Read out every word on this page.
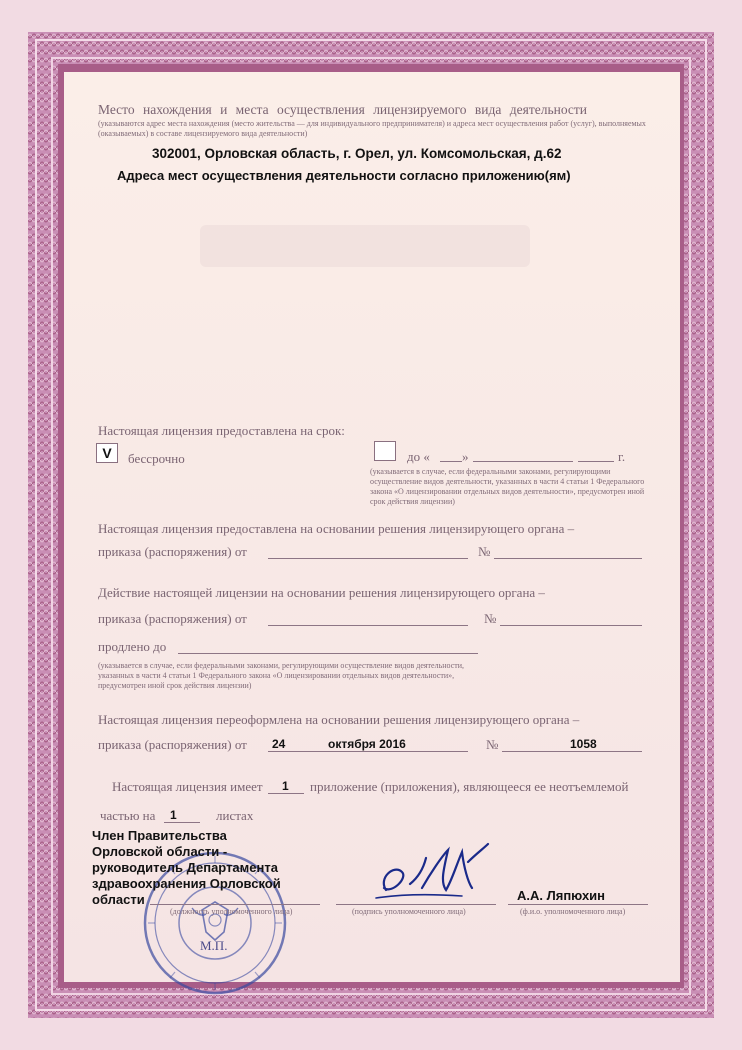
Место нахождения и места осуществления лицензируемого вида деятельности
(указываются адрес места нахождения (место жительства — для индивидуального предпринимателя) и адреса мест осуществления работ (услуг), выполняемых (оказываемых) в составе лицензируемого вида деятельности)
302001, Орловская область, г. Орел, ул. Комсомольская, д.62
Адреса мест осуществления деятельности согласно приложению(ям)
Настоящая лицензия предоставлена на срок:
V	бессрочно	до « »	г.
(указывается в случае, если федеральными законами, регулирующими осуществление видов деятельности, указанных в части 4 статьи 1 Федерального закона «О лицензировании отдельных видов деятельности», предусмотрен иной срок действия лицензии)
Настоящая лицензия предоставлена на основании решения лицензирующего органа –
приказа (распоряжения) от	№
Действие настоящей лицензии на основании решения лицензирующего органа –
приказа (распоряжения) от	№
продлено до
(указывается в случае, если федеральными законами, регулирующими осуществление видов деятельности, указанных в части 4 статьи 1 Федерального закона «О лицензировании отдельных видов деятельности», предусмотрен иной срок действия лицензии)
Настоящая лицензия переоформлена на основании решения лицензирующего органа –
приказа (распоряжения) от 24	октября 2016	№	1058
Настоящая лицензия имеет 1 приложение (приложения), являющееся ее неотъемлемой
частью на 1	листах
Член Правительства
Орловской области -
руководитель Департамента
здравоохранения Орловской
области
(должность уполномоченного лица)	(подпись уполномоченного лица)
А.А. Ляпюхин
(ф.и.о. уполномоченного лица)
М.П.
